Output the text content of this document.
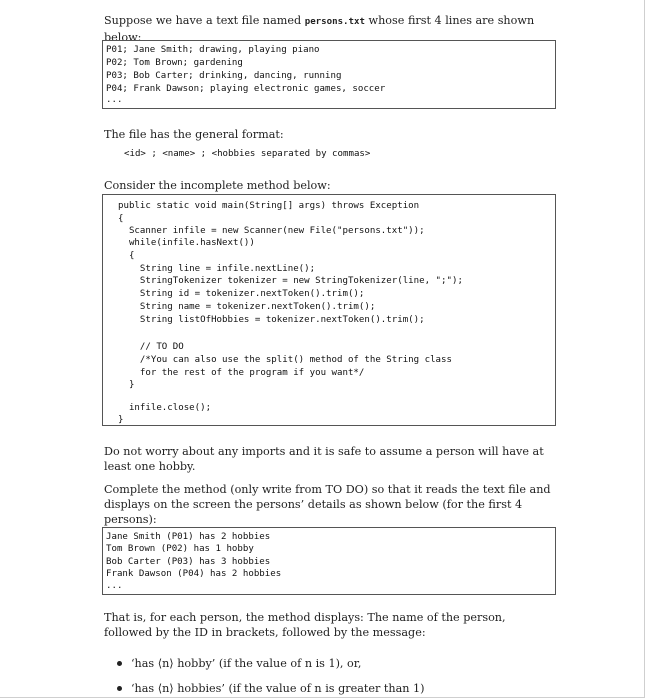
Suppose we have a text file named persons.txt whose first 4 lines are shown below:

P01; Jane Smith; drawing, playing piano
P02; Tom Brown; gardening
P03; Bob Carter; drinking, dancing, running
P04; Frank Dawson; playing electronic games, soccer
...

The file has the general format:

<id> ; <name> ; <hobbies separated by commas>

Consider the incomplete method below:

public static void main(String[] args) throws Exception
{
Scanner infile = new Scanner(new File("persons.txt"));
while(infile.hasNext())
{
String line = infile.nextLine();
StringTokenizer tokenizer = new StringTokenizer(line, ";");
String id = tokenizer.nextToken().trim();
String name = tokenizer.nextToken().trim();
String listOfHobbies = tokenizer.nextToken().trim();
// TO DO
/*You can also use the split() method of the String class
for the rest of the program if you want*/
}
infile.close();
}

Do not worry about any imports and it is safe to assume a person will have at least one hobby.

Complete the method (only write from TO DO) so that it reads the text file and displays on the screen the persons’ details as shown below (for the first 4 persons):

Jane Smith (P01) has 2 hobbies
Tom Brown (P02) has 1 hobby
Bob Carter (P03) has 3 hobbies
Frank Dawson (P04) has 2 hobbies
...

That is, for each person, the method displays: The name of the person, followed by the ID in brackets, followed by the message:

‘has ⟨n⟩ hobby’ (if the value of n is 1), or,
‘has ⟨n⟩ hobbies’ (if the value of n is greater than 1)
